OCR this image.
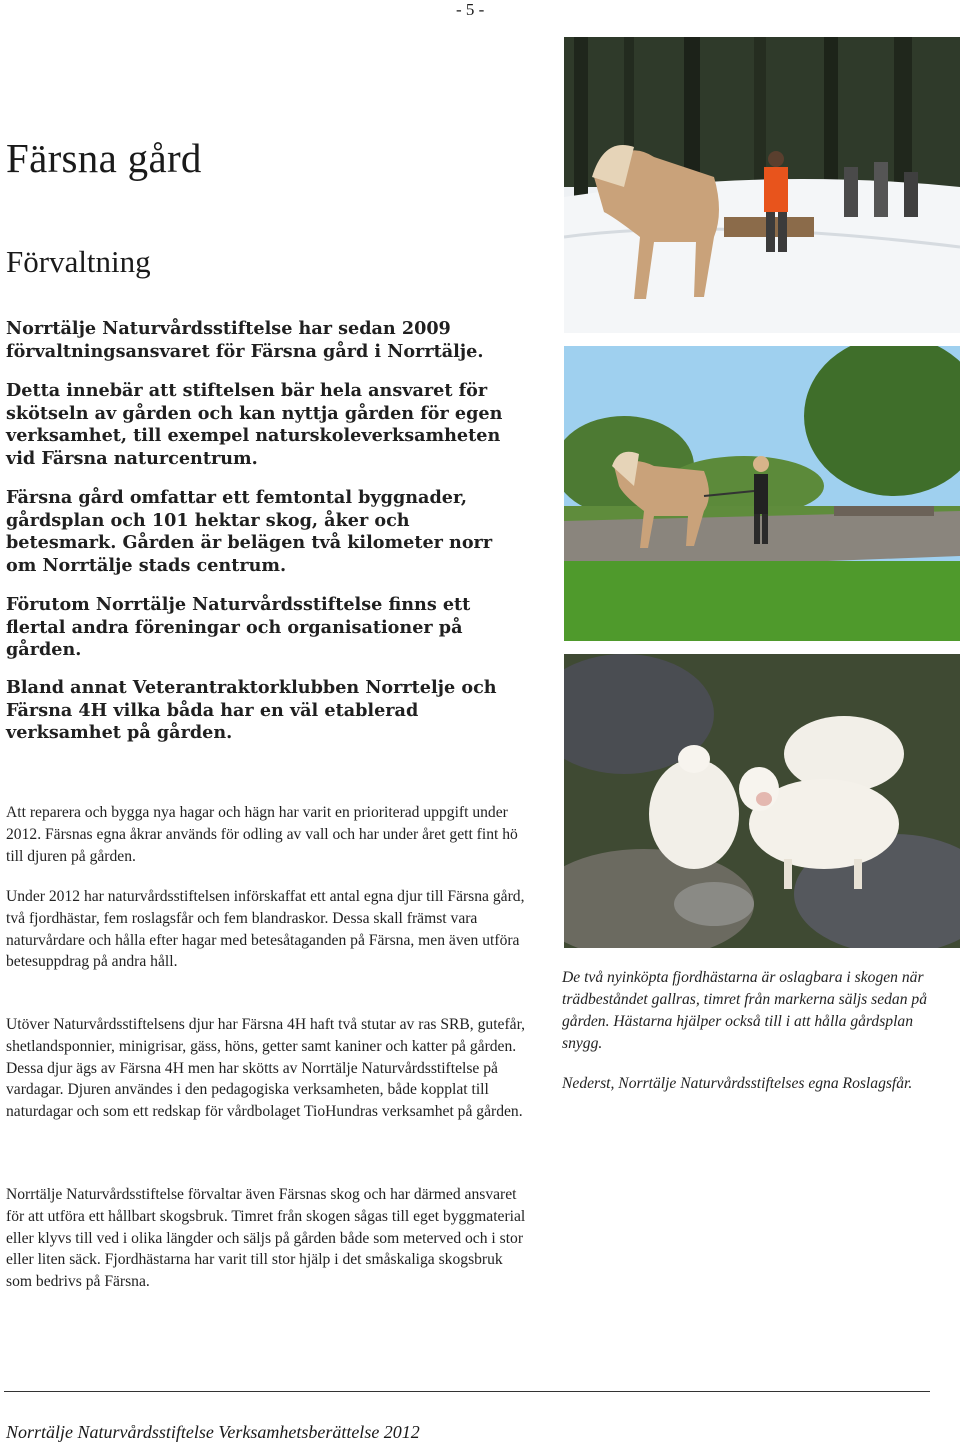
- 5 -
Färsna gård
Förvaltning

Norrtälje Naturvårdsstiftelse har sedan 2009 förvaltningsansvaret för Färsna gård i Norrtälje.

Detta innebär att stiftelsen bär hela ansvaret för skötseln av gården och kan nyttja gården för egen verksamhet, till exempel naturskoleverksamheten vid Färsna naturcentrum.

Färsna gård omfattar ett femtontal byggnader, gårdsplan och 101 hektar skog, åker och betesmark. Gården är belägen två kilometer norr om Norrtälje stads centrum.

Förutom Norrtälje Naturvårdsstiftelse finns ett flertal andra föreningar och organisationer på gården.

Bland annat Veterantraktorklubben Norrtelje och Färsna 4H vilka båda har en väl etablerad verksamhet på gården.

Att reparera och bygga nya hagar och hägn har varit en prioriterad uppgift under 2012. Färsnas egna åkrar används för odling av vall och har under året gett fint hö till djuren på gården.

Under 2012 har naturvårdsstiftelsen införskaffat ett antal egna djur till Färsna gård, två fjordhästar, fem roslagsfår och fem blandraskor. Dessa skall främst vara naturvårdare och hålla efter hagar med betesåtaganden på Färsna, men även utföra betesuppdrag på andra håll.

Utöver Naturvårdsstiftelsens djur har Färsna 4H haft två stutar av ras SRB, gutefår, shetlandsponnier, minigrisar, gäss, höns, getter samt kaniner och katter på gården. Dessa djur ägs av Färsna 4H men har skötts av Norrtälje Naturvårdsstiftelse på vardagar. Djuren användes i den pedagogiska verksamheten, både kopplat till naturdagar och som ett redskap för vårdbolaget TioHundras verksamhet på gården.

Norrtälje Naturvårdsstiftelse förvaltar även Färsnas skog och har därmed ansvaret för att utföra ett hållbart skogsbruk. Timret från skogen sågas till eget byggmaterial eller klyvs till ved i olika längder och säljs på gården både som meterved och i stor eller liten säck. Fjordhästarna har varit till stor hjälp i det småskaliga skogsbruk som bedrivs på Färsna.

De två nyinköpta fjordhästarna är oslagbara i skogen när trädbeståndet gallras, timret från markerna säljs sedan på gården. Hästarna hjälper också till i att hålla gårdsplan snygg.

Nederst, Norrtälje Naturvårdsstiftelses egna Roslagsfår.

Norrtälje Naturvårdsstiftelse Verksamhetsberättelse 2012
